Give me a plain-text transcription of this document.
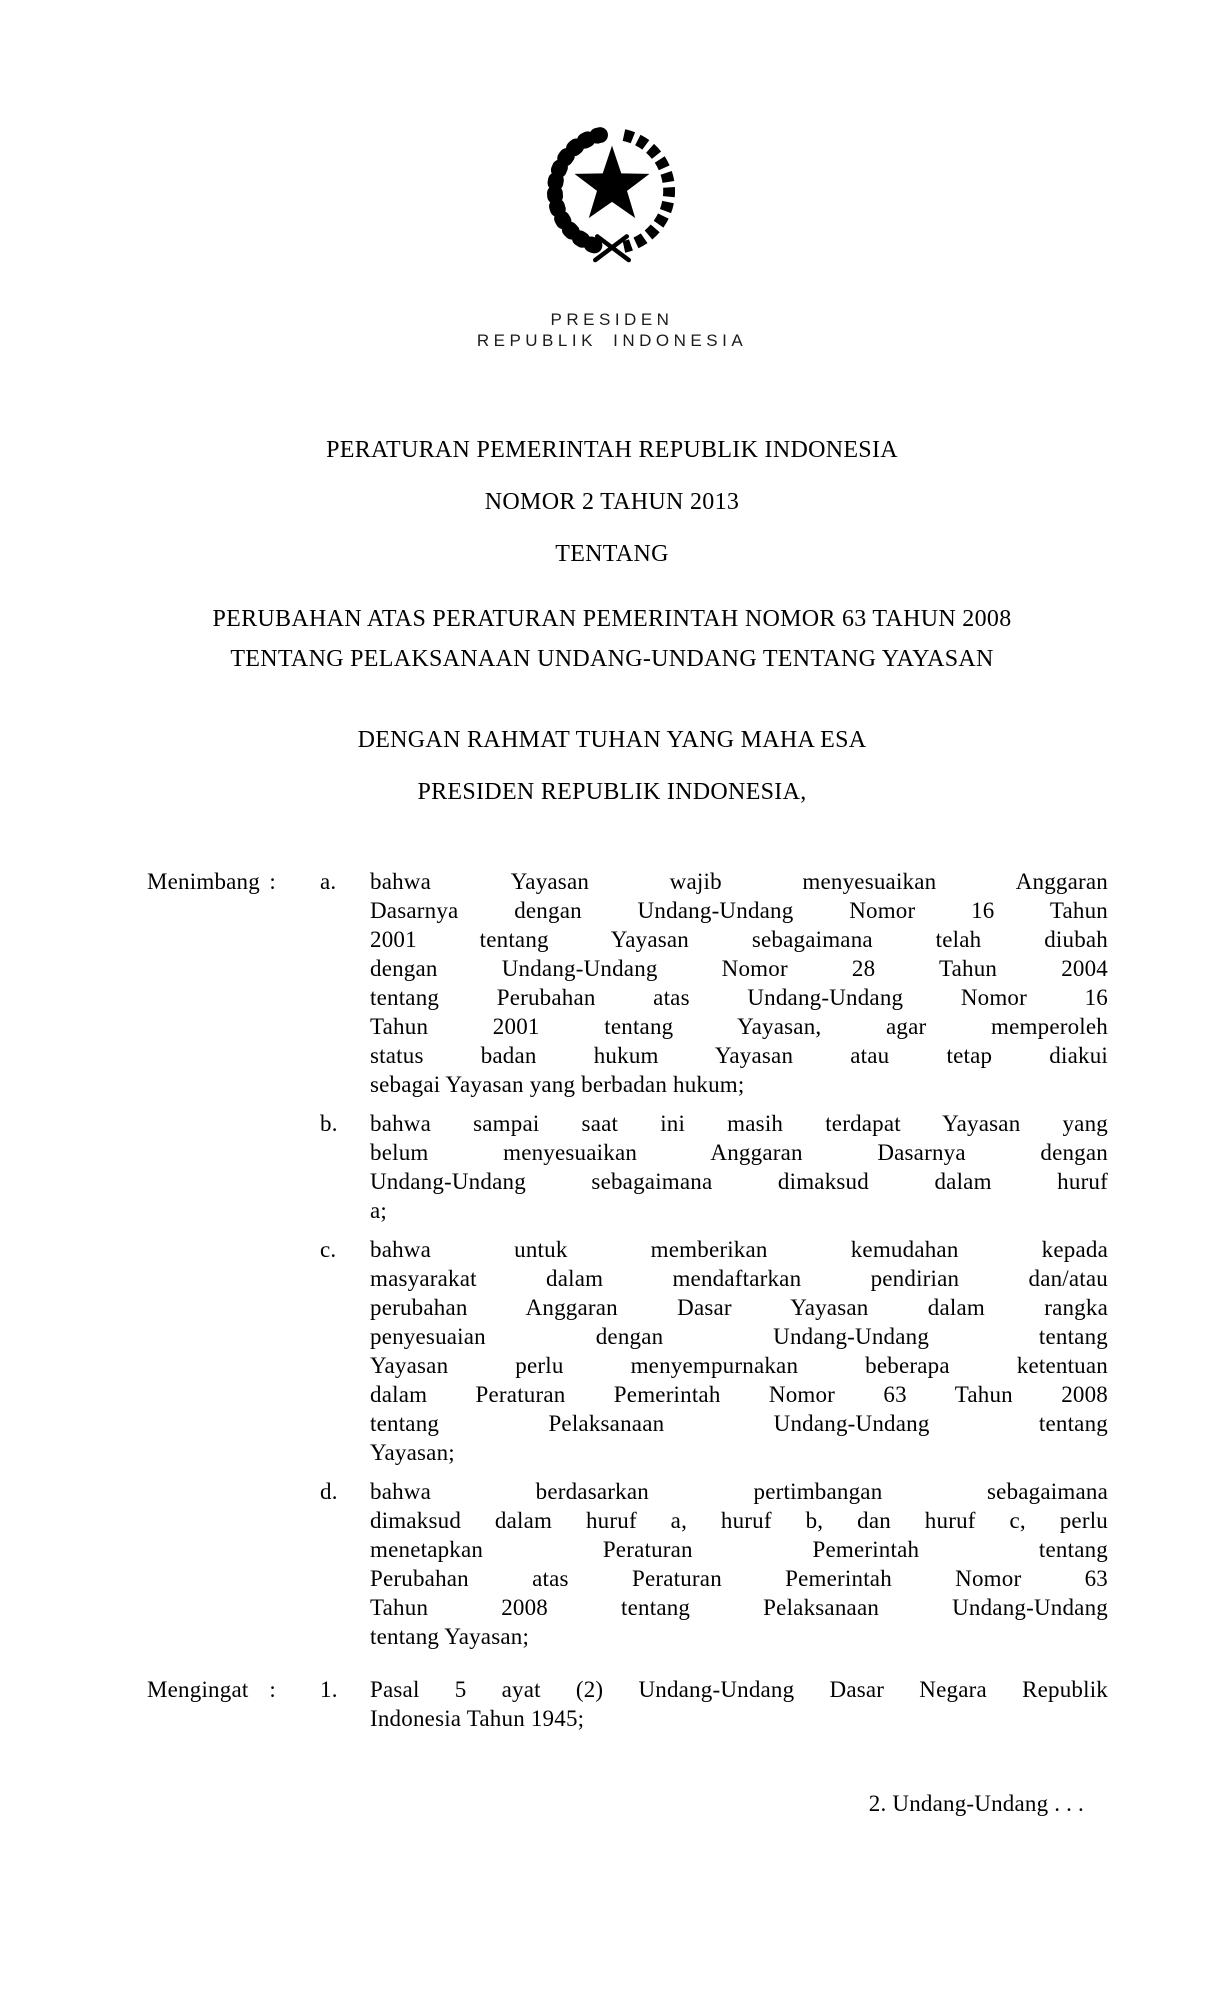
PRESIDEN
REPUBLIK INDONESIA
PERATURAN PEMERINTAH REPUBLIK INDONESIA
NOMOR 2 TAHUN 2013
TENTANG
PERUBAHAN ATAS PERATURAN PEMERINTAH NOMOR 63 TAHUN 2008
TENTANG PELAKSANAAN UNDANG-UNDANG TENTANG YAYASAN
DENGAN RAHMAT TUHAN YANG MAHA ESA
PRESIDEN REPUBLIK INDONESIA,
Menimbang : a.	bahwa Yayasan wajib menyesuaikan Anggaran
Dasarnya dengan Undang-Undang Nomor 16 Tahun
2001 tentang Yayasan sebagaimana telah diubah
dengan Undang-Undang Nomor 28 Tahun 2004
tentang Perubahan atas Undang-Undang Nomor 16
Tahun 2001 tentang Yayasan, agar memperoleh
status badan hukum Yayasan atau tetap diakui
sebagai Yayasan yang berbadan hukum;
b.	bahwa sampai saat ini masih terdapat Yayasan yang
belum menyesuaikan Anggaran Dasarnya dengan
Undang-Undang sebagaimana dimaksud dalam huruf
a;
c.	bahwa untuk memberikan kemudahan kepada
masyarakat dalam mendaftarkan pendirian dan/atau
perubahan Anggaran Dasar Yayasan dalam rangka
penyesuaian dengan Undang-Undang tentang
Yayasan perlu menyempurnakan beberapa ketentuan
dalam Peraturan Pemerintah Nomor 63 Tahun 2008
tentang Pelaksanaan Undang-Undang tentang
Yayasan;
d.	bahwa berdasarkan pertimbangan sebagaimana
dimaksud dalam huruf a, huruf b, dan huruf c, perlu
menetapkan Peraturan Pemerintah tentang
Perubahan atas Peraturan Pemerintah Nomor 63
Tahun 2008 tentang Pelaksanaan Undang-Undang
tentang Yayasan;
Mengingat : 1.	Pasal 5 ayat (2) Undang-Undang Dasar Negara Republik
Indonesia Tahun 1945;
2. Undang-Undang . . .
